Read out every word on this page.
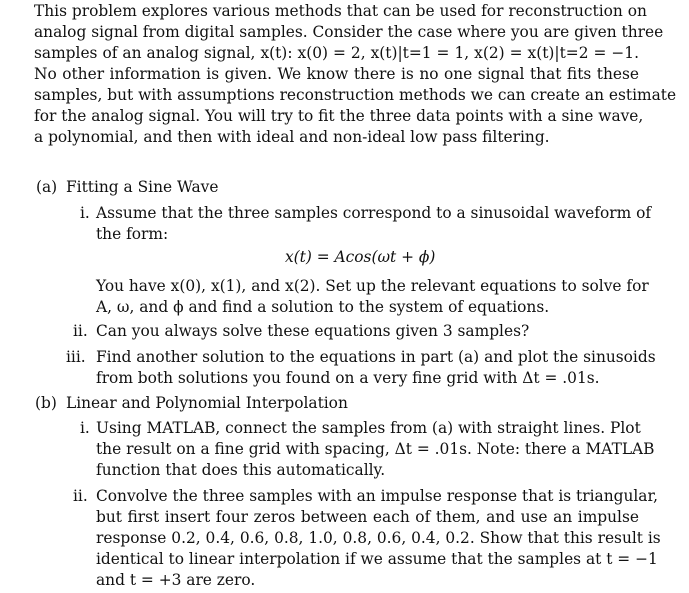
This problem explores various methods that can be used for reconstruction on
analog signal from digital samples. Consider the case where you are given three
samples of an analog signal, x(t): x(0) = 2, x(t)|t=1 = 1, x(2) = x(t)|t=2 = −1.
No other information is given. We know there is no one signal that fits these
samples, but with assumptions reconstruction methods we can create an estimate
for the analog signal. You will try to fit the three data points with a sine wave,
a polynomial, and then with ideal and non-ideal low pass filtering.
(a) Fitting a Sine Wave
i. Assume that the three samples correspond to a sinusoidal waveform of
the form:
x(t) = Acos(ωt + ϕ)
You have x(0), x(1), and x(2). Set up the relevant equations to solve for
A, ω, and ϕ and find a solution to the system of equations.
ii. Can you always solve these equations given 3 samples?
iii. Find another solution to the equations in part (a) and plot the sinusoids
from both solutions you found on a very fine grid with Δt = .01s.
(b) Linear and Polynomial Interpolation
i. Using MATLAB, connect the samples from (a) with straight lines. Plot
the result on a fine grid with spacing, Δt = .01s. Note: there a MATLAB
function that does this automatically.
ii. Convolve the three samples with an impulse response that is triangular,
but first insert four zeros between each of them, and use an impulse
response 0.2, 0.4, 0.6, 0.8, 1.0, 0.8, 0.6, 0.4, 0.2. Show that this result is
identical to linear interpolation if we assume that the samples at t = −1
and t = +3 are zero.
